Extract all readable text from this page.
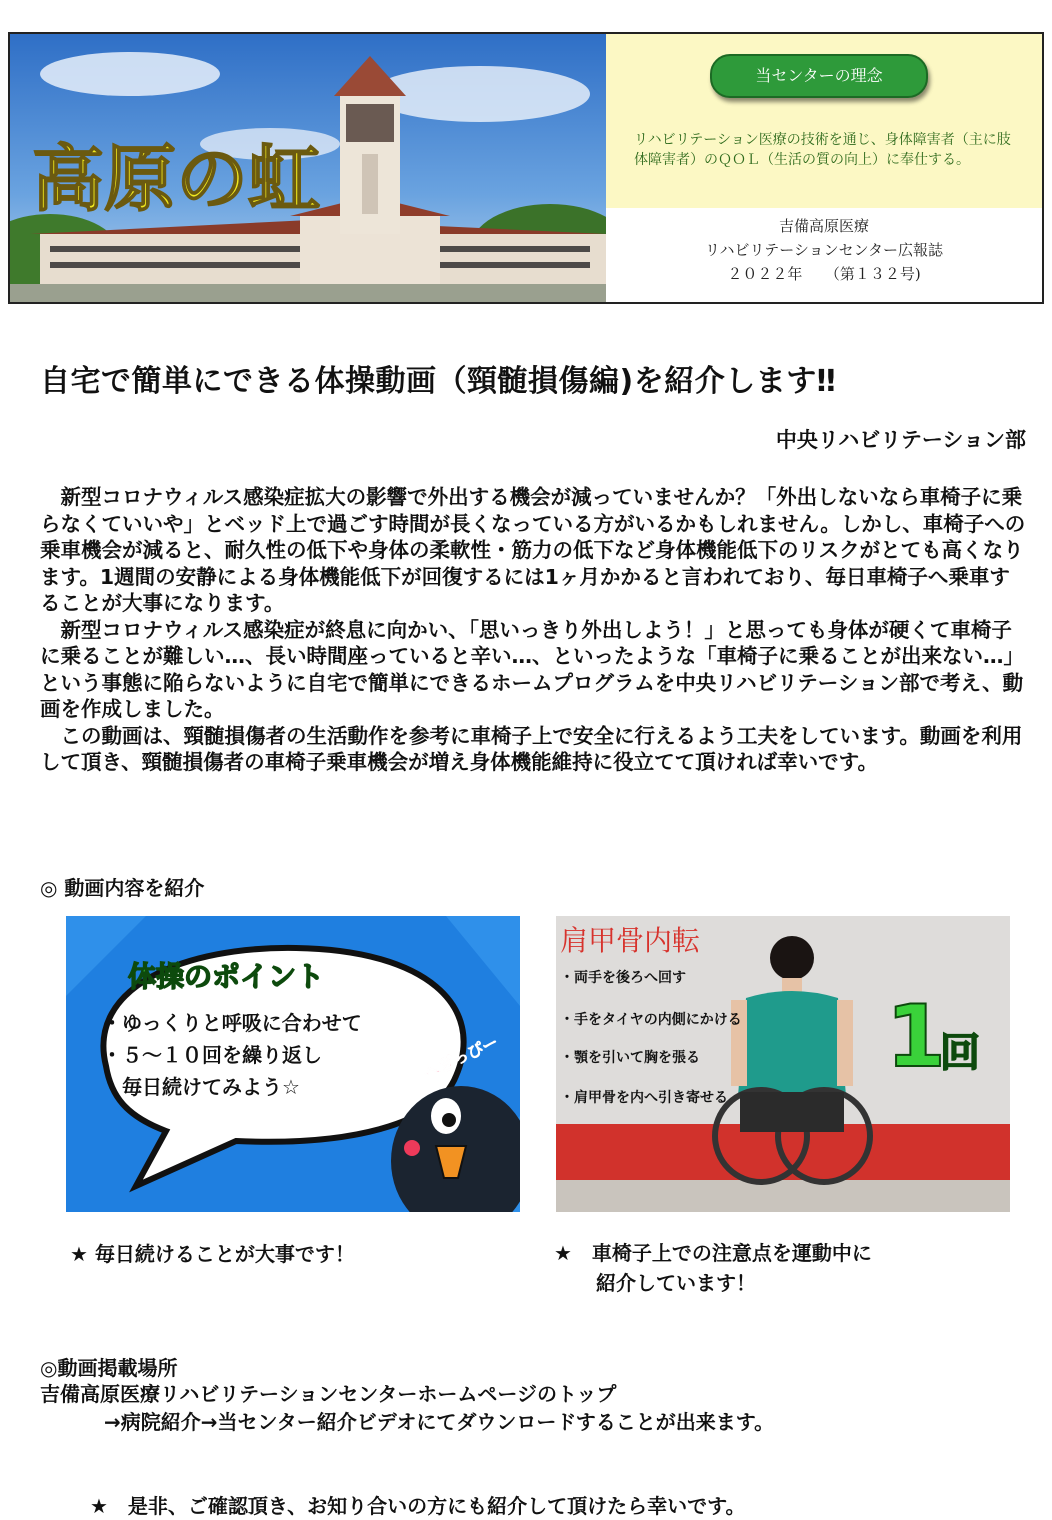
高原の虹
当センターの理念
リハビリテーション医療の技術を通じ、身体障害者（主に肢体障害者）のＱＯＬ（生活の質の向上）に奉仕する。
吉備高原医療
リハビリテーションセンター広報誌
２０２２年　　（第１３２号)
自宅で簡単にできる体操動画（頸髄損傷編)を紹介します‼
中央リハビリテーション部

新型コロナウィルス感染症拡大の影響で外出する機会が減っていませんか？「外出しないなら車椅子に乗らなくていいや」とベッド上で過ごす時間が長くなっている方がいるかもしれません。しかし、車椅子への乗車機会が減ると、耐久性の低下や身体の柔軟性・筋力の低下など身体機能低下のリスクがとても高くなります。1週間の安静による身体機能低下が回復するには1ヶ月かかると言われており、毎日車椅子へ乗車することが大事になります。

新型コロナウィルス感染症が終息に向かい、「思いっきり外出しよう！」と思っても身体が硬くて車椅子に乗ることが難しい…、長い時間座っていると辛い…、といったような「車椅子に乗ることが出来ない…」という事態に陥らないように自宅で簡単にできるホームプログラムを中央リハビリテーション部で考え、動画を作成しました。

この動画は、頸髄損傷者の生活動作を参考に車椅子上で安全に行えるよう工夫をしています。動画を利用して頂き、頸髄損傷者の車椅子乗車機会が増え身体機能維持に役立てて頂ければ幸いです。

◎ 動画内容を紹介
体操のポイント
・ゆっくりと呼吸に合わせて
・５～１０回を繰り返し
・毎日続けてみよう☆
へぎっぴー
肩甲骨内転
・両手を後ろへ回す
・手をタイヤの内側にかける
・顎を引いて胸を張る
・肩甲骨を内へ引き寄せる
1
回
★ 毎日続けることが大事です！	★　車椅子上での注意点を運動中に
紹介しています！
◎動画掲載場所
吉備高原医療リハビリテーションセンターホームページのトップ
→病院紹介→当センター紹介ビデオにてダウンロードすることが出来ます。
★　是非、ご確認頂き、お知り合いの方にも紹介して頂けたら幸いです。
